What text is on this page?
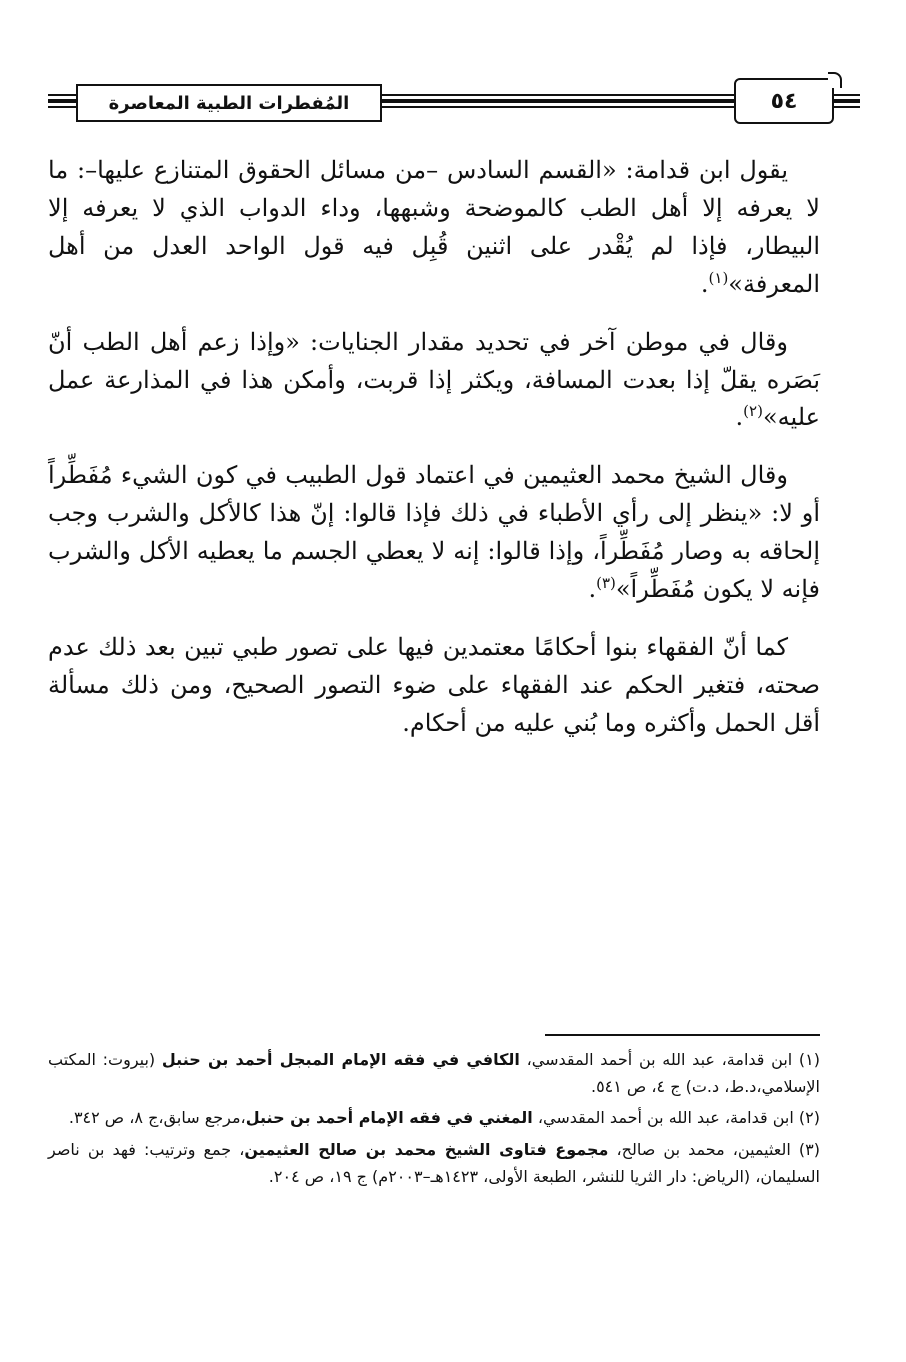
المُفطرات الطبية المعاصرة	٥٤

يقول ابن قدامة: «القسم السادس –من مسائل الحقوق المتنازع عليها–: ما لا يعرفه إلا أهل الطب كالموضحة وشبهها، وداء الدواب الذي لا يعرفه إلا البيطار، فإذا لم يُقْدر على اثنين قُبِل فيه قول الواحد العدل من أهل المعرفة»$^{(١)}$.

وقال في موطن آخر في تحديد مقدار الجنايات: «وإذا زعم أهل الطب أنّ بَصَره يقلّ إذا بعدت المسافة، ويكثر إذا قربت، وأمكن هذا في المذارعة عمل عليه»$^{(٢)}$.

وقال الشيخ محمد العثيمين في اعتماد قول الطبيب في كون الشيء مُفَطِّراً أو لا: «ينظر إلى رأي الأطباء في ذلك فإذا قالوا: إنّ هذا كالأكل والشرب وجب إلحاقه به وصار مُفَطِّراً، وإذا قالوا: إنه لا يعطي الجسم ما يعطيه الأكل والشرب فإنه لا يكون مُفَطِّراً»$^{(٣)}$.

كما أنّ الفقهاء بنوا أحكامًا معتمدين فيها على تصور طبي تبين بعد ذلك عدم صحته، فتغير الحكم عند الفقهاء على ضوء التصور الصحيح، ومن ذلك مسألة أقل الحمل وأكثره وما بُني عليه من أحكام.

(١) ابن قدامة، عبد الله بن أحمد المقدسي، الكافي في فقه الإمام المبجل أحمد بن حنبل (بيروت: المكتب الإسلامي،د.ط، د.ت) ج ٤، ص ٥٤١.

(٢) ابن قدامة، عبد الله بن أحمد المقدسي، المغني في فقه الإمام أحمد بن حنبل،مرجع سابق،ج ٨، ص ٣٤٢.

(٣) العثيمين، محمد بن صالح، مجموع فتاوى الشيخ محمد بن صالح العثيمين، جمع وترتيب: فهد بن ناصر السليمان، (الرياض: دار الثريا للنشر، الطبعة الأولى، ١٤٢٣هـ–٢٠٠٣م) ج ١٩، ص ٢٠٤.
